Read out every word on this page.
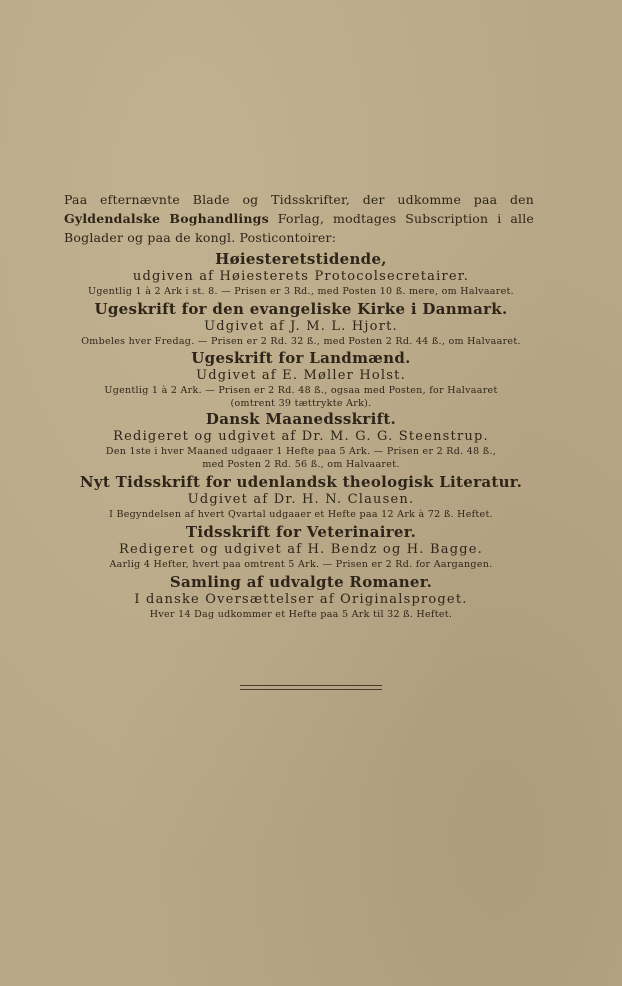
Paa efternævnte Blade og Tidsskrifter, der udkomme paa den Gyldendalske Boghandlings Forlag, modtages Subscription i alle Boglader og paa de kongl. Posticontoirer:
Høiesteretstidende,
udgiven af Høiesterets Protocolsecretairer.
Ugentlig 1 à 2 Ark i st. 8. — Prisen er 3 Rd., med Posten 10 ß. mere, om Halvaaret.
Ugeskrift for den evangeliske Kirke i Danmark.
Udgivet af J. M. L. Hjort.
Ombeles hver Fredag. — Prisen er 2 Rd. 32 ß., med Posten 2 Rd. 44 ß., om Halvaaret.
Ugeskrift for Landmænd.
Udgivet af E. Møller Holst.
Ugentlig 1 à 2 Ark. — Prisen er 2 Rd. 48 ß., ogsaa med Posten, for Halvaaret
(omtrent 39 tættrykte Ark).
Dansk Maanedsskrift.
Redigeret og udgivet af Dr. M. G. G. Steenstrup.
Den 1ste i hver Maaned udgaaer 1 Hefte paa 5 Ark. — Prisen er 2 Rd. 48 ß.,
med Posten 2 Rd. 56 ß., om Halvaaret.
Nyt Tidsskrift for udenlandsk theologisk Literatur.
Udgivet af Dr. H. N. Clausen.
I Begyndelsen af hvert Qvartal udgaaer et Hefte paa 12 Ark à 72 ß. Heftet.
Tidsskrift for Veterinairer.
Redigeret og udgivet af H. Bendz og H. Bagge.
Aarlig 4 Hefter, hvert paa omtrent 5 Ark. — Prisen er 2 Rd. for Aargangen.
Samling af udvalgte Romaner.
I danske Oversættelser af Originalsproget.
Hver 14 Dag udkommer et Hefte paa 5 Ark til 32 ß. Heftet.
